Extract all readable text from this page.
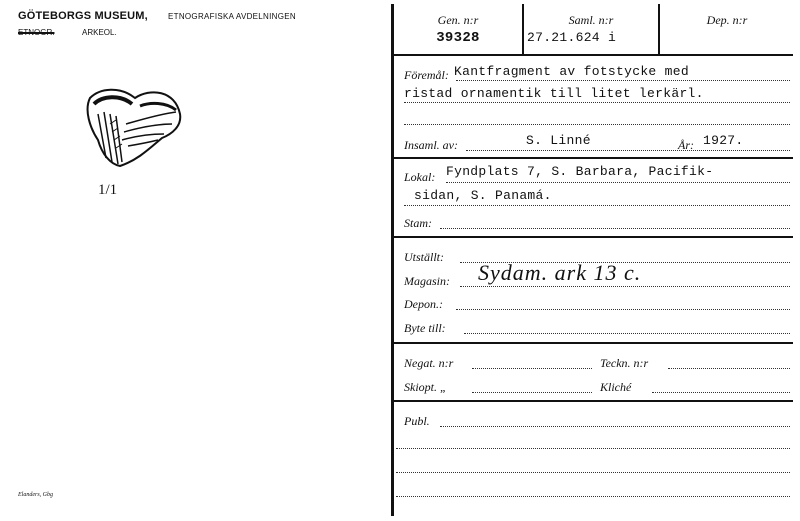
GÖTEBORGS MUSEUM,	ETNOGRAFISKA AVDELNINGEN
ETNOGR.	ARKEOL.
1/1
Elanders, Gbg
Gen. n:r
39328
Saml. n:r
27.21.624 i
Dep. n:r
Föremål: Kantfragment av fotstycke med
ristad ornamentik till litet lerkärl.
Insaml. av:	S. Linné	År: 1927.
Lokal: Fyndplats 7, S. Barbara, Pacifik-
sidan, S. Panamá.
Stam:
Utställt:
Magasin: Sydam. ark 13 c.
Depon.:
Byte till:
Negat. n:r	Teckn. n:r
Skiopt. „	Kliché
Publ.
